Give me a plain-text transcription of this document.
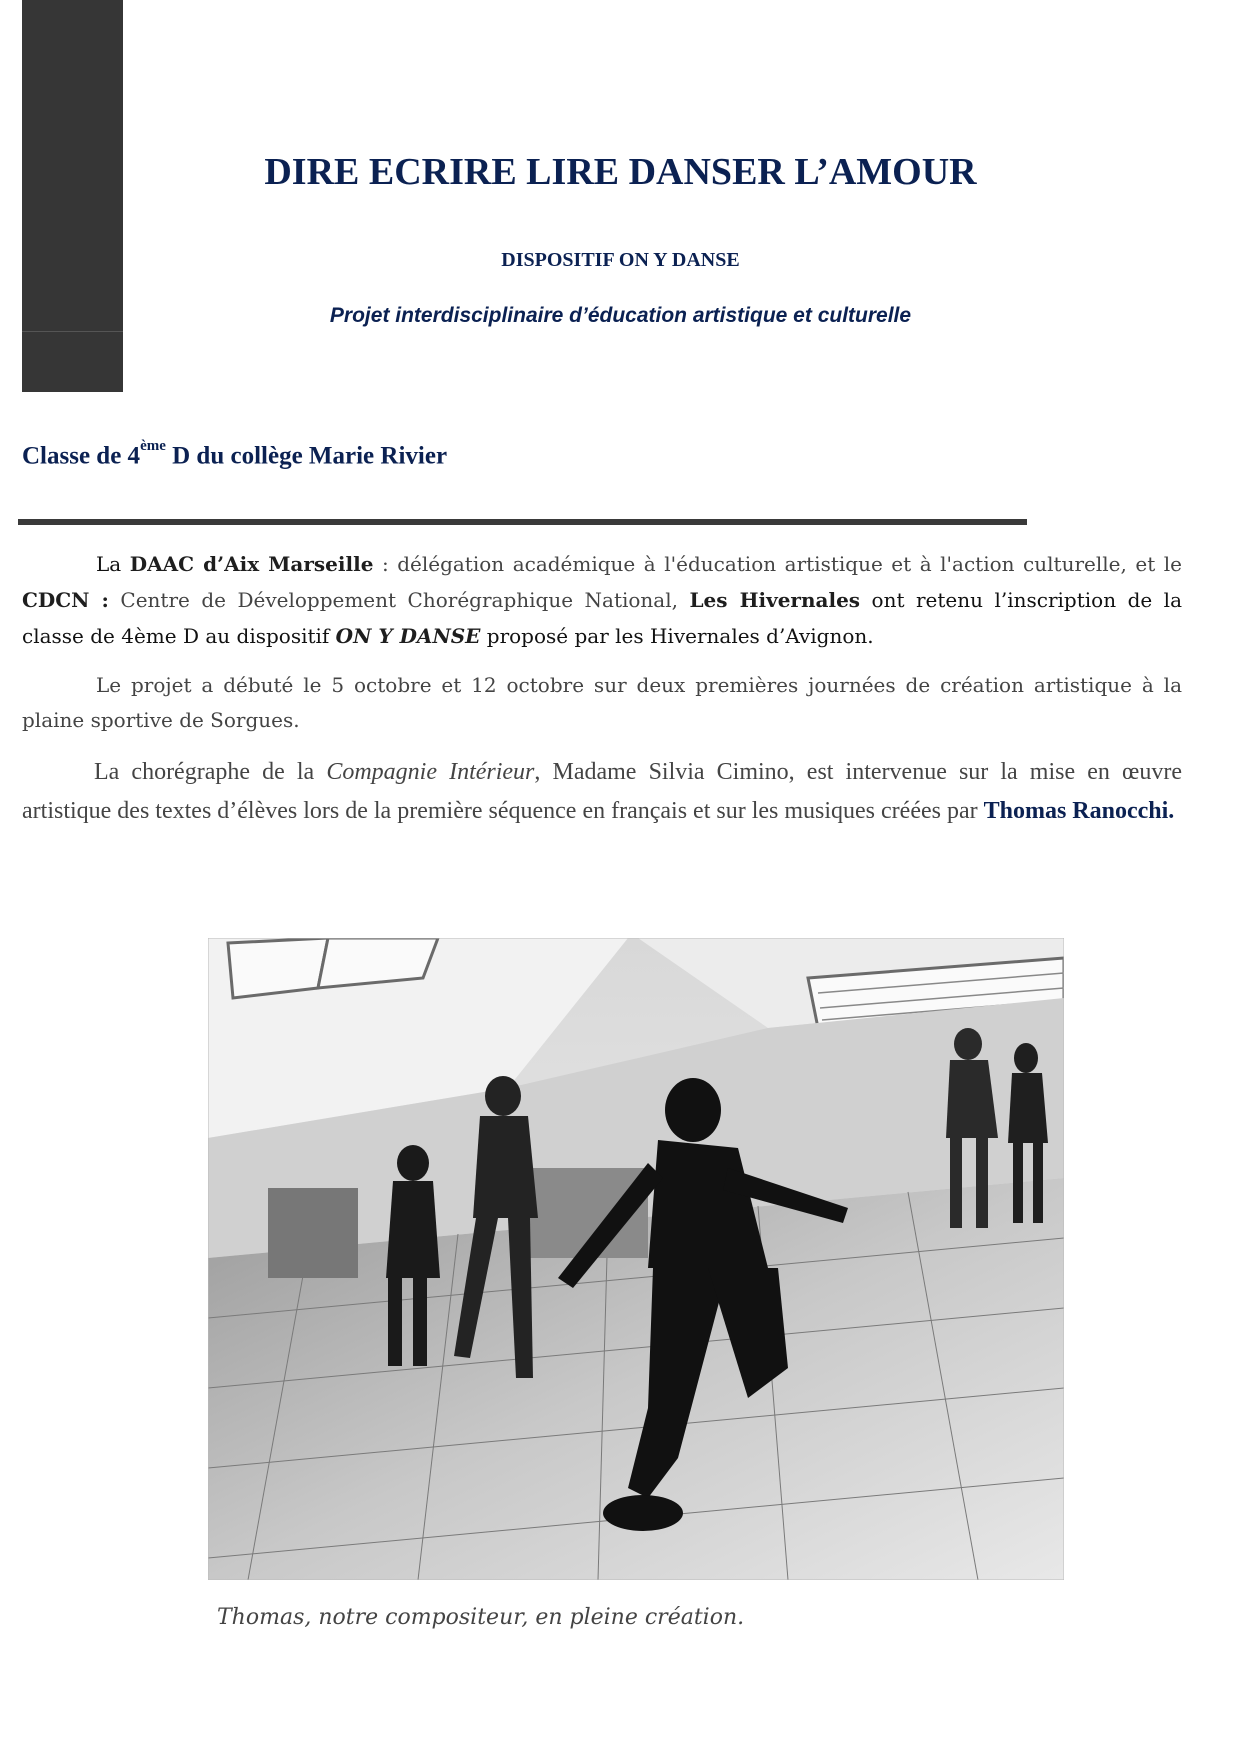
DIRE ECRIRE LIRE DANSER L’AMOUR
DISPOSITIF ON Y DANSE
Projet interdisciplinaire d’éducation artistique et culturelle
Classe de 4ème D du collège Marie Rivier

La DAAC d’Aix Marseille : délégation académique à l'éducation artistique et à l'action culturelle, et le CDCN : Centre de Développement Chorégraphique National, Les Hivernales ont retenu l’inscription de la classe de 4ème D au dispositif ON Y DANSE proposé par les Hivernales d’Avignon.

Le projet a débuté le 5 octobre et 12 octobre sur deux premières journées de création artistique à la plaine sportive de Sorgues.

La chorégraphe de la Compagnie Intérieur, Madame Silvia Cimino, est intervenue sur la mise en œuvre artistique des textes d’élèves lors de la première séquence en français et sur les musiques créées par Thomas Ranocchi.

Thomas, notre compositeur, en pleine création.
